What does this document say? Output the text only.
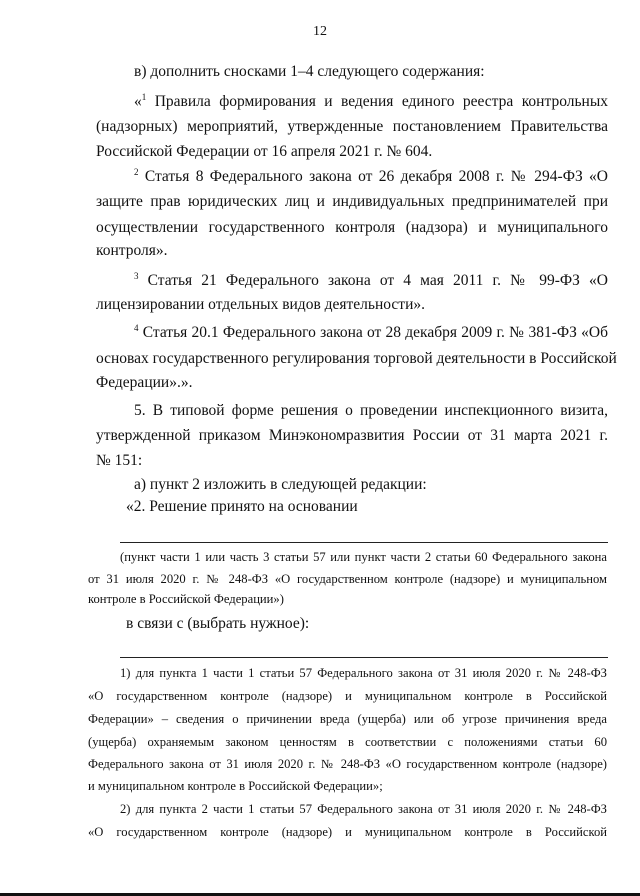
12
в) дополнить сносками 1–4 следующего содержания:
«$^1$ Правила формирования и ведения единого реестра контрольных
(надзорных) мероприятий, утвержденные постановлением Правительства
Российской Федерации от 16 апреля 2021 г. № 604.
$^2$ Статья 8 Федерального закона от 26 декабря 2008 г. № 294-ФЗ «О
защите прав юридических лиц и индивидуальных предпринимателей при
осуществлении государственного контроля (надзора) и муниципального
контроля».
$^3$ Статья 21 Федерального закона от 4 мая 2011 г. № 99-ФЗ «О
лицензировании отдельных видов деятельности».
$^4$ Статья 20.1 Федерального закона от 28 декабря 2009 г. № 381-ФЗ «Об
основах государственного регулирования торговой деятельности в Российской
Федерации».».
5. В типовой форме решения о проведении инспекционного визита,
утвержденной приказом Минэкономразвития России от 31 марта 2021 г.
№ 151:
а) пункт 2 изложить в следующей редакции:
«2. Решение принято на основании
(пункт части 1 или часть 3 статьи 57 или пункт части 2 статьи 60 Федерального закона
от 31 июля 2020 г. № 248-ФЗ «О государственном контроле (надзоре) и муниципальном
контроле в Российской Федерации»)
в связи с (выбрать нужное):
1) для пункта 1 части 1 статьи 57 Федерального закона от 31 июля 2020 г. № 248-ФЗ
«О государственном контроле (надзоре) и муниципальном контроле в Российской
Федерации» – сведения о причинении вреда (ущерба) или об угрозе причинения вреда
(ущерба) охраняемым законом ценностям в соответствии с положениями статьи 60
Федерального закона от 31 июля 2020 г. № 248-ФЗ «О государственном контроле (надзоре)
и муниципальном контроле в Российской Федерации»;
2) для пункта 2 части 1 статьи 57 Федерального закона от 31 июля 2020 г. № 248-ФЗ
«О государственном контроле (надзоре) и муниципальном контроле в Российской
